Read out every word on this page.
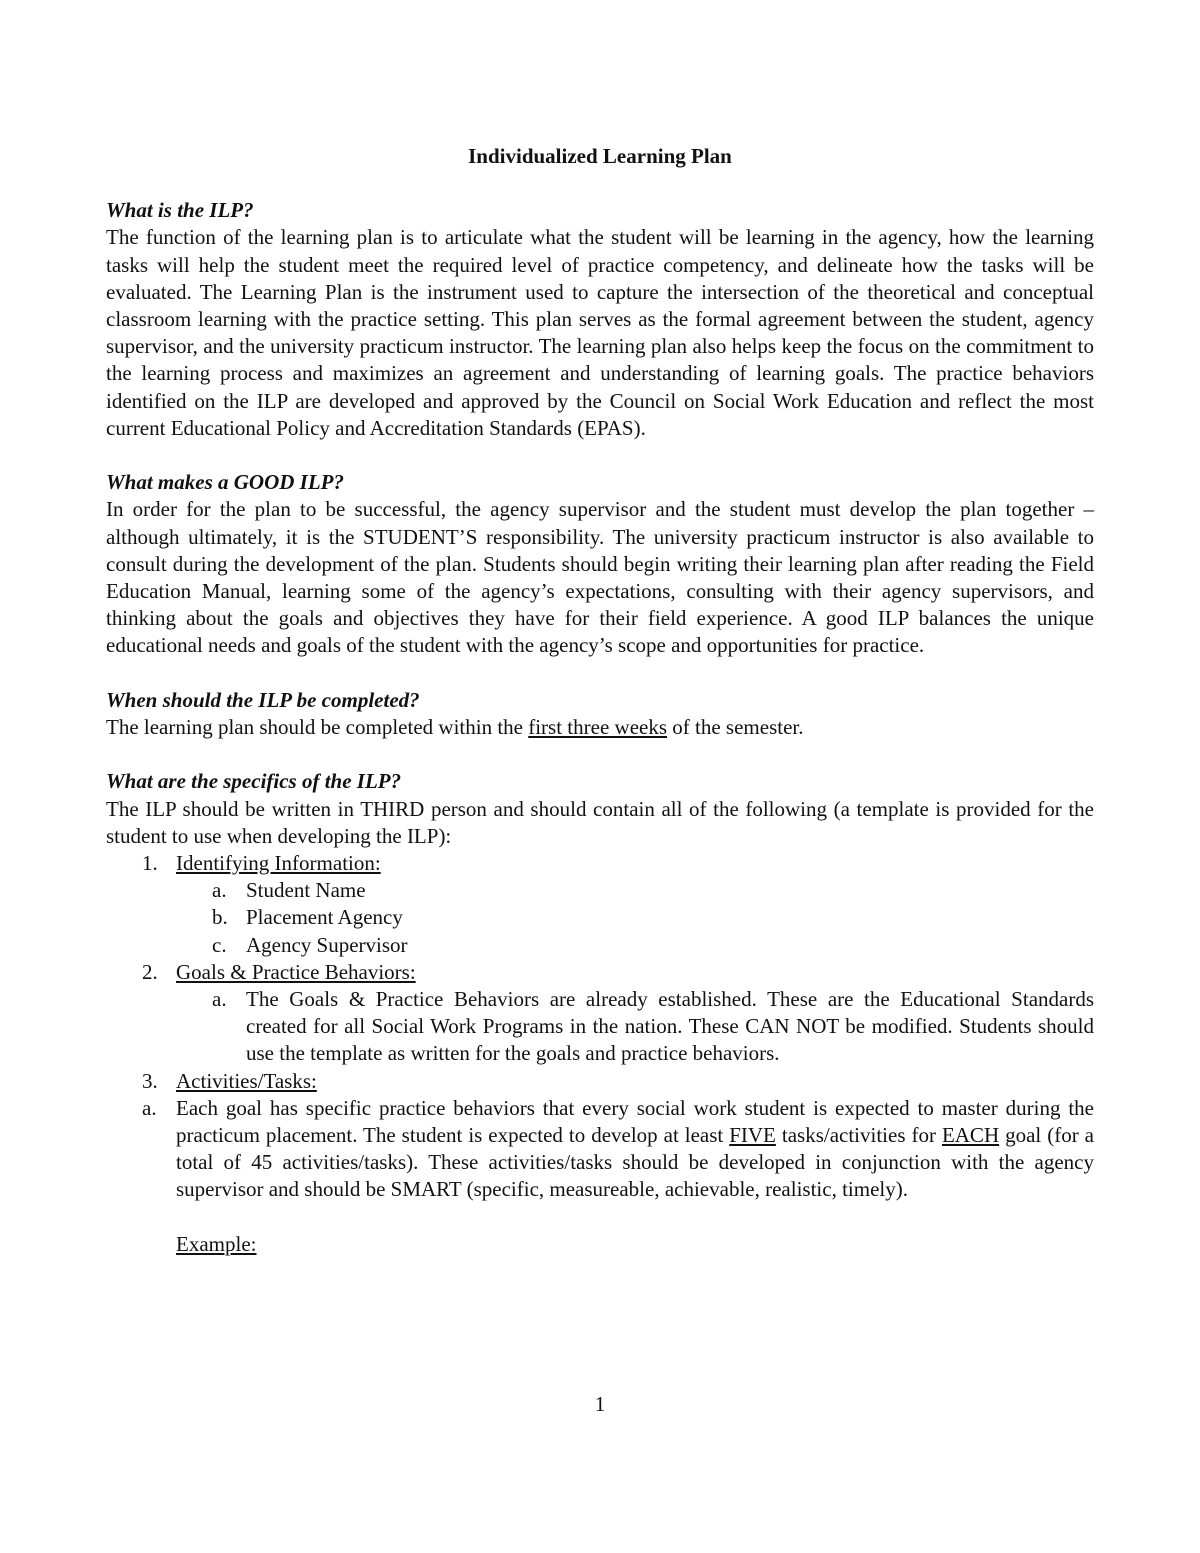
Individualized Learning Plan
What is the ILP?

The function of the learning plan is to articulate what the student will be learning in the agency, how the learning tasks will help the student meet the required level of practice competency, and delineate how the tasks will be evaluated. The Learning Plan is the instrument used to capture the intersection of the theoretical and conceptual classroom learning with the practice setting. This plan serves as the formal agreement between the student, agency supervisor, and the university practicum instructor. The learning plan also helps keep the focus on the commitment to the learning process and maximizes an agreement and understanding of learning goals. The practice behaviors identified on the ILP are developed and approved by the Council on Social Work Education and reflect the most current Educational Policy and Accreditation Standards (EPAS).

What makes a GOOD ILP?

In order for the plan to be successful, the agency supervisor and the student must develop the plan together – although ultimately, it is the STUDENT’S responsibility. The university practicum instructor is also available to consult during the development of the plan. Students should begin writing their learning plan after reading the Field Education Manual, learning some of the agency’s expectations, consulting with their agency supervisors, and thinking about the goals and objectives they have for their field experience. A good ILP balances the unique educational needs and goals of the student with the agency’s scope and opportunities for practice.

When should the ILP be completed?

The learning plan should be completed within the first three weeks of the semester.

What are the specifics of the ILP?

The ILP should be written in THIRD person and should contain all of the following (a template is provided for the student to use when developing the ILP):

1. Identifying Information:
a. Student Name
b. Placement Agency
c. Agency Supervisor
2. Goals & Practice Behaviors:
a. The Goals & Practice Behaviors are already established. These are the Educational Standards created for all Social Work Programs in the nation. These CAN NOT be modified. Students should use the template as written for the goals and practice behaviors.
3. Activities/Tasks:
a. Each goal has specific practice behaviors that every social work student is expected to master during the practicum placement. The student is expected to develop at least FIVE tasks/activities for EACH goal (for a total of 45 activities/tasks). These activities/tasks should be developed in conjunction with the agency supervisor and should be SMART (specific, measureable, achievable, realistic, timely).
Example:
1
